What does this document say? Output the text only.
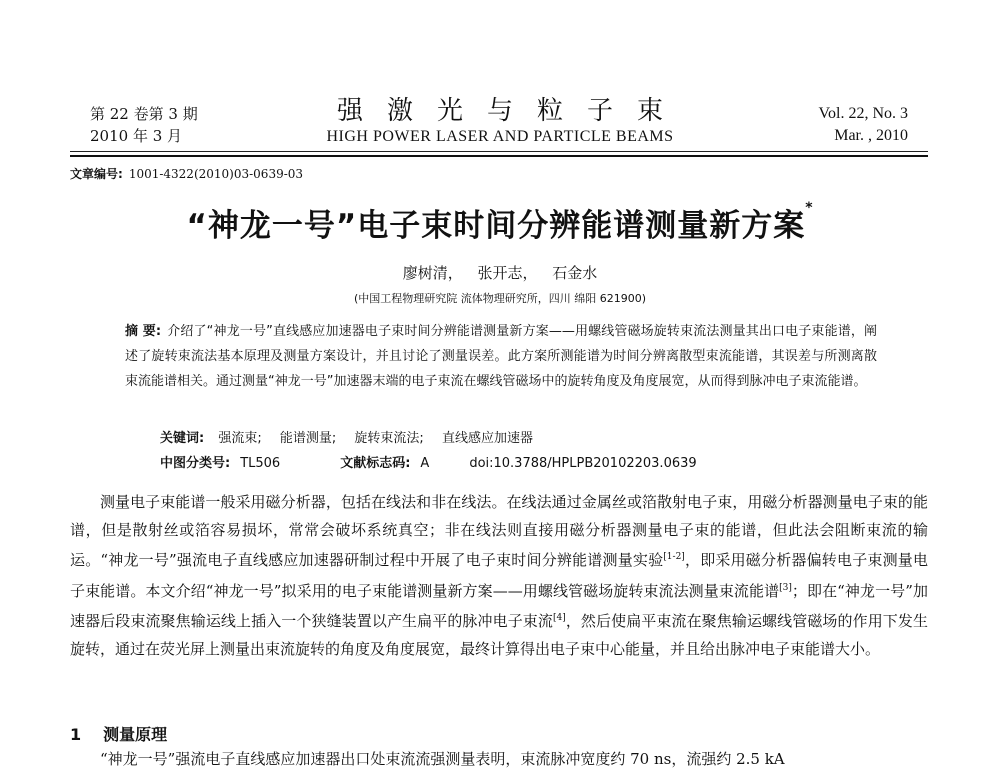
第 22 卷第 3 期
2010 年 3 月
强激光与粒子束
HIGH POWER LASER AND PARTICLE BEAMS
Vol. 22, No. 3
Mar. , 2010
文章编号: 1001-4322(2010)03-0639-03
“神龙一号”电子束时间分辨能谱测量新方案*
廖树清， 张开志， 石金水
(中国工程物理研究院 流体物理研究所，四川 绵阳 621900)
摘 要: 介绍了“神龙一号”直线感应加速器电子束时间分辨能谱测量新方案——用螺线管磁场旋转束流法测量其出口电子束能谱，阐述了旋转束流法基本原理及测量方案设计，并且讨论了测量误差。此方案所测能谱为时间分辨离散型束流能谱，其误差与所测离散束流能谱相关。通过测量“神龙一号”加速器末端的电子束流在螺线管磁场中的旋转角度及角度展宽，从而得到脉冲电子束流能谱。
关键词: 强流束; 能谱测量; 旋转束流法; 直线感应加速器
中图分类号: TL506	文献标志码: A	doi:10.3788/HPLPB20102203.0639
测量电子束能谱一般采用磁分析器，包括在线法和非在线法。在线法通过金属丝或箔散射电子束，用磁分析器测量电子束的能谱，但是散射丝或箔容易损坏，常常会破坏系统真空；非在线法则直接用磁分析器测量电子束的能谱，但此法会阻断束流的输运。“神龙一号”强流电子直线感应加速器研制过程中开展了电子束时间分辨能谱测量实验[1-2]，即采用磁分析器偏转电子束测量电子束能谱。本文介绍“神龙一号”拟采用的电子束能谱测量新方案——用螺线管磁场旋转束流法测量束流能谱[3]；即在“神龙一号”加速器后段束流聚焦输运线上插入一个狭缝装置以产生扁平的脉冲电子束流[4]，然后使扁平束流在聚焦输运螺线管磁场的作用下发生旋转，通过在荧光屏上测量出束流旋转的角度及角度展宽，最终计算得出电子束中心能量，并且给出脉冲电子束能谱大小。
1 测量原理
“神龙一号”强流电子直线感应加速器出口处束流流强测量表明，束流脉冲宽度约 70 ns，流强约 2.5 kA
